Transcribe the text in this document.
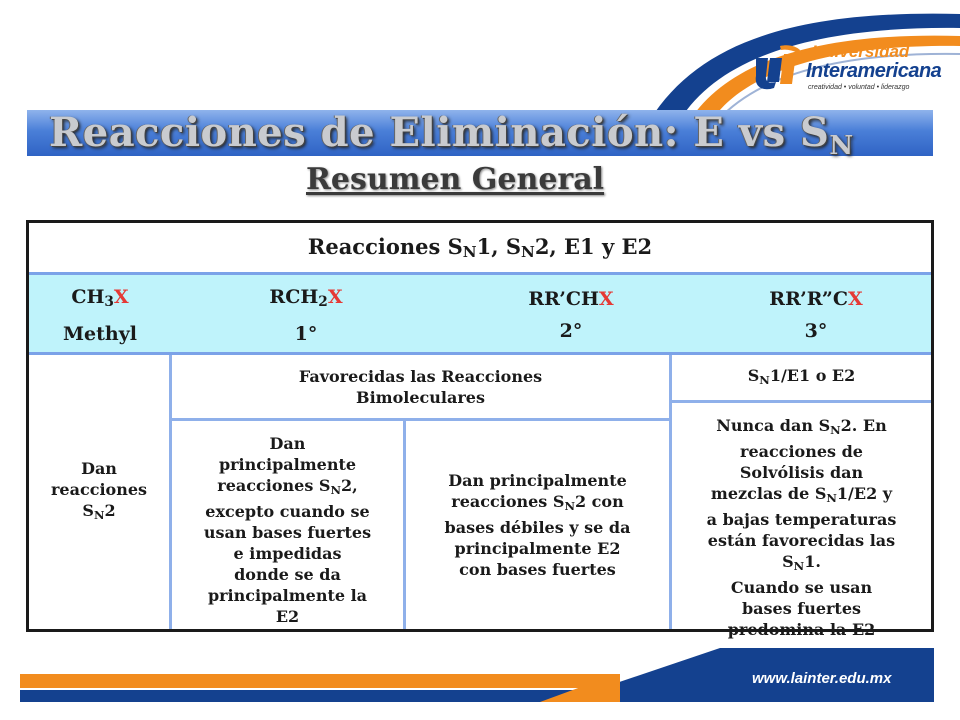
Universidad
Interamericana
creatividad • voluntad • liderazgo
Reacciones de Eliminación: E vs $S_N$
Resumen General
Reacciones $S_N1$, $S_N2$, E1 y E2
$CH_3X$
Methyl
$RCH_2X$
1°
RR’CHX
2°
RR’R”CX
3°
Dan
reacciones
$S_N2$
Favorecidas las Reacciones Bimoleculares
$S_N1/E1$ o E2
Dan
principalmente
reacciones $S_N2$,
excepto cuando se
usan bases fuertes
e impedidas
donde se da
principalmente la
E2
Dan principalmente
reacciones $S_N2$ con
bases débiles y se da
principalmente E2
con bases fuertes
Nunca dan $S_N2$. En
reacciones de
Solvólisis dan
mezclas de $S_N1/E2$ y
a bajas temperaturas
están favorecidas las
$S_N1$.
Cuando se usan
bases fuertes
predomina la E2
www.lainter.edu.mx
